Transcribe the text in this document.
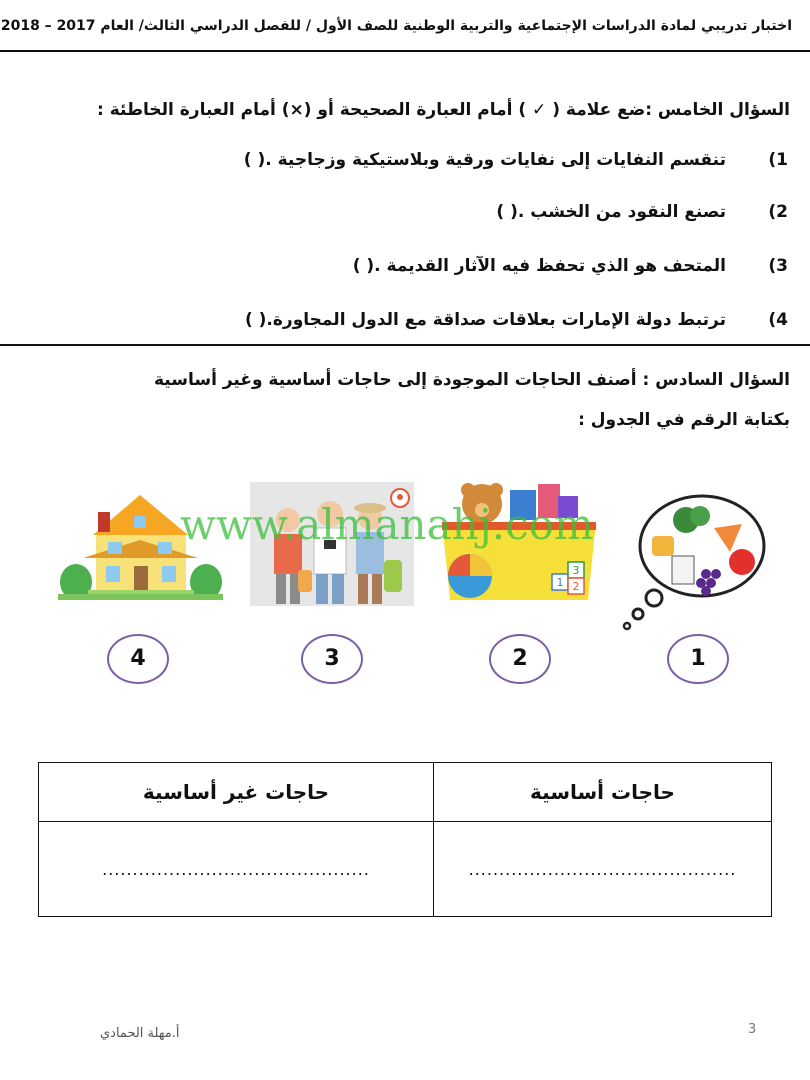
اختبار تدريبي لمادة الدراسات الإجتماعية والتربية الوطنية للصف الأول / للفصل الدراسي الثالث/ العام 2017 – 2018
السؤال الخامس :ضع علامة ( ✓ ) أمام العبارة الصحيحة أو (×) أمام العبارة الخاطئة :
1)
تنقسم النفايات إلى نفايات ورقية وبلاستيكية وزجاجية .( )
2)
تصنع النقود من الخشب .( )
3)
المتحف هو الذي تحفظ فيه الآثار القديمة .( )
4)
ترتبط دولة الإمارات بعلاقات صداقة مع الدول المجاورة.( )
السؤال السادس : أصنف الحاجات الموجودة إلى حاجات أساسية وغير أساسية
بكتابة الرقم في الجدول :
1
3
2
www.almanahj.com
4	3	2	1
حاجات غير أساسية	حاجات أساسية
............................................	............................................
أ.مهلة الحمادي	3
